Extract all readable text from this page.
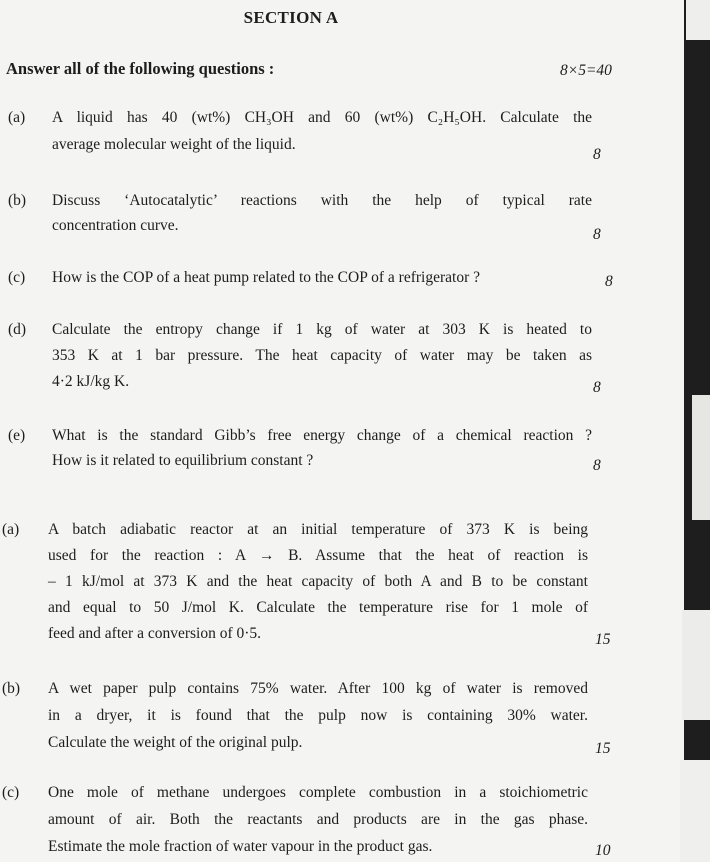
SECTION A
Answer all of the following questions :	8×5=40
(a) A liquid has 40 (wt%) CH₃OH and 60 (wt%) C₂H₅OH. Calculate the
average molecular weight of the liquid.
8
(b) Discuss ‘Autocatalytic’ reactions with the help of typical rate
concentration curve.
8
(c) How is the COP of a heat pump related to the COP of a refrigerator ?	8
(d) Calculate the entropy change if 1 kg of water at 303 K is heated to
353 K at 1 bar pressure. The heat capacity of water may be taken as
4·2 kJ/kg K.	8
(e) What is the standard Gibb’s free energy change of a chemical reaction ?
How is it related to equilibrium constant ?	8
(a) A batch adiabatic reactor at an initial temperature of 373 K is being
used for the reaction : A → B. Assume that the heat of reaction is
– 1 kJ/mol at 373 K and the heat capacity of both A and B to be constant
and equal to 50 J/mol K. Calculate the temperature rise for 1 mole of
feed and after a conversion of 0·5.	15
(b) A wet paper pulp contains 75% water. After 100 kg of water is removed
in a dryer, it is found that the pulp now is containing 30% water.
Calculate the weight of the original pulp.	15
(c) One mole of methane undergoes complete combustion in a stoichiometric
amount of air. Both the reactants and products are in the gas phase.
Estimate the mole fraction of water vapour in the product gas.	10
